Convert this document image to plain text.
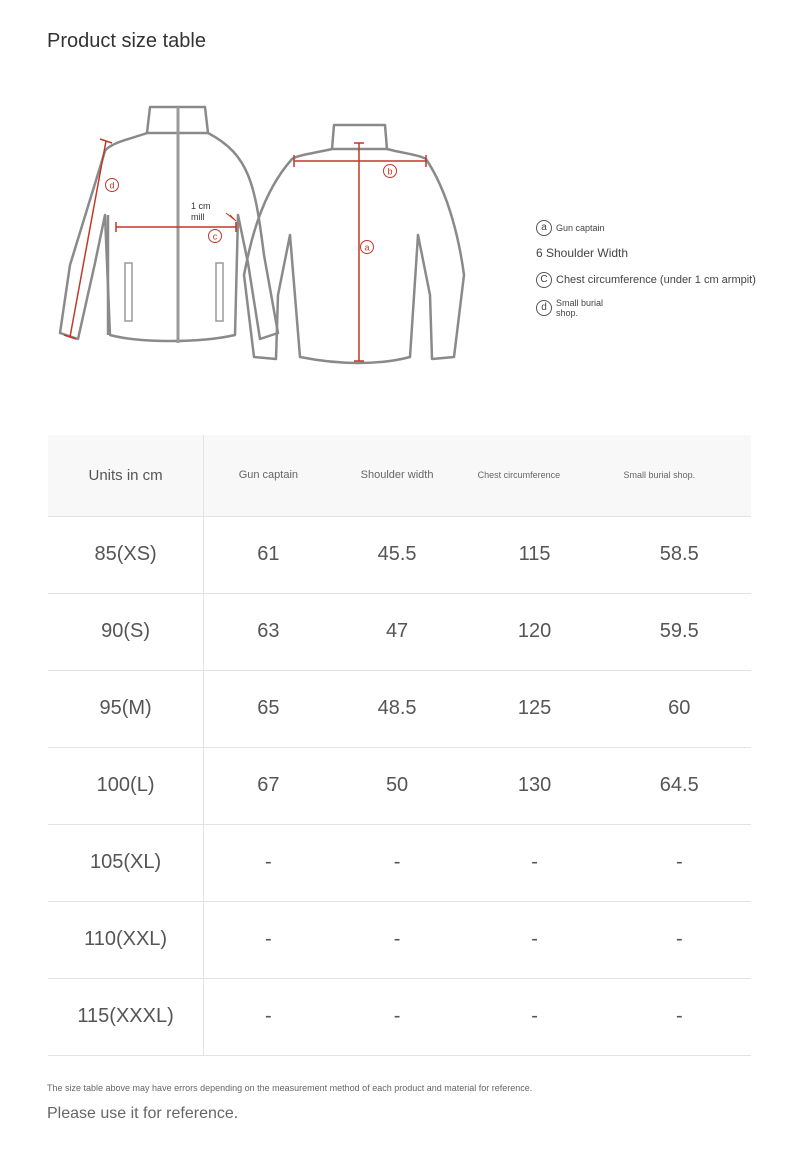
Product size table
d
c
b
a
1 cm
mill
a	Gun captain
6 Shoulder Width
C Chest circumference (under 1 cm armpit)
d	Small burial shop.
Units in cm	Gun captain	Shoulder width	Chest circumference	Small burial shop.
85(XS)	61	45.5	115	58.5
90(S)	63	47	120	59.5
95(M)	65	48.5	125	60
100(L)	67	50	130	64.5
105(XL)	-	-	-	-
110(XXL)	-	-	-	-
115(XXXL)	-	-	-	-
The size table above may have errors depending on the measurement method of each product and material for reference.
Please use it for reference.
